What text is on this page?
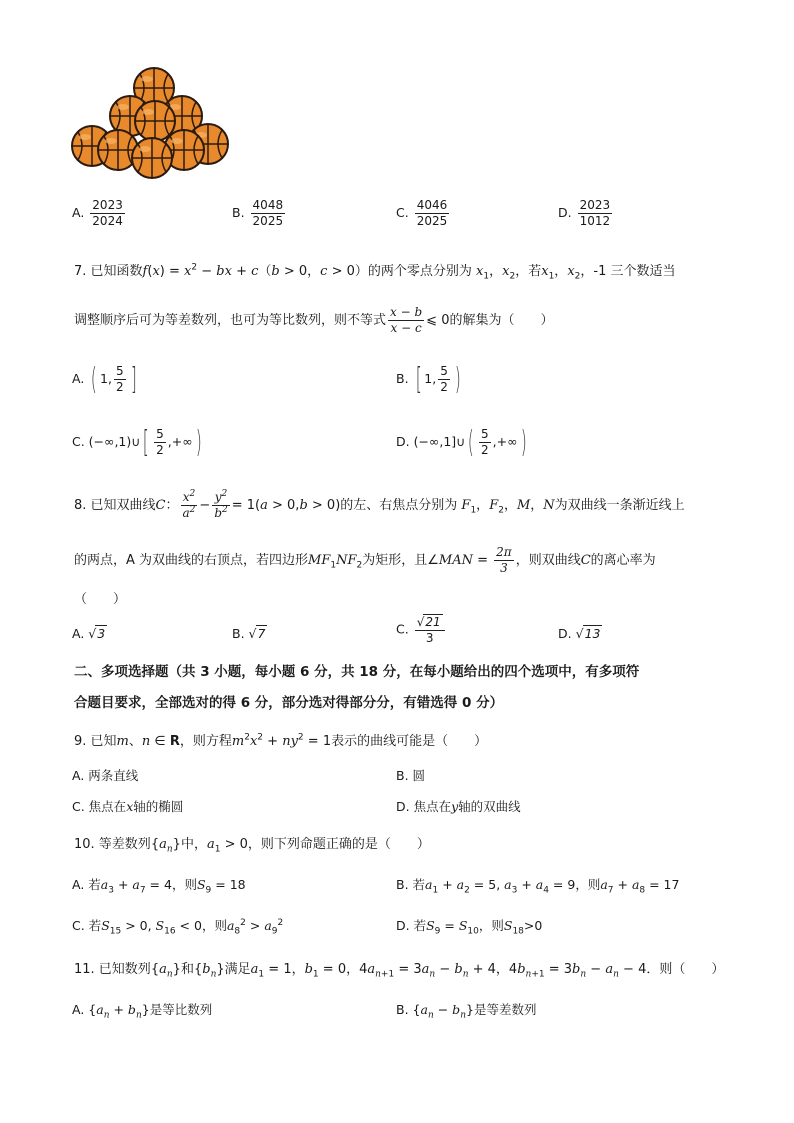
A. $\frac{2023}{2024}$	B. $\frac{4048}{2025}$	C. $\frac{4046}{2025}$	D. $\frac{2023}{1012}$
7. 已知函数$f(x) = x^2$ − bx + c（b > 0，c > 0）的两个零点分别为 $x_1$，$x_2$，若$x_1$，$x_2$，-1 三个数适当
调整顺序后可为等差数列，也可为等比数列，则不等式 $\frac{x - b}{x - c}$ ⩽ 0的解集为（　　）
A. ( 1, $\frac{5}{2}$ ]	B. [ 1, $\frac{5}{2}$ )
C. (−∞,1)∪[ $\frac{5}{2}$ ,+∞)	D. (−∞,1]∪( $\frac{5}{2}$ ,+∞)
8. 已知双曲线C： $\frac{x^2}{a^2} - \frac{y^2}{b^2} = 1(a > 0,b > 0)$的左、右焦点分别为 $F_1$，$F_2$，M，N为双曲线一条渐近线上
的两点，A 为双曲线的右顶点，若四边形$MF_1NF_2$为矩形，且∠MAN = $\frac{2\pi}{3}$ ，则双曲线C的离心率为
（　　）
A. √3	B. √7	C. $\frac{√21}{3}$	D. √13
二、多项选择题（共 3 小题，每小题 6 分，共 18 分，在每小题给出的四个选项中，有多项符
合题目要求，全部选对的得 6 分，部分选对得部分分，有错选得 0 分）
9. 已知m、n ∈ R，则方程$m^2x^2 + ny^2 = 1$表示的曲线可能是（　　）
A. 两条直线	B. 圆
C. 焦点在x轴的椭圆	D. 焦点在y轴的双曲线
10. 等差数列$\{a_n\}$中，$a_1 > 0$，则下列命题正确的是（　　）
A. 若$a_3 + a_7 = 4$，则$S_9 = 18$	B. 若$a_1 + a_2 = 5$, $a_3 + a_4 = 9$，则$a_7 + a_8 = 17$
C. 若$S_{15} > 0$, $S_{16} < 0$，则$a_8^2 > a_9^2$	D. 若$S_9 = S_{10}$，则$S_{18}>0$
11. 已知数列$\{a_n\}$和$\{b_n\}$满足$a_1 = 1$，$b_1 = 0$，$4a_{n+1} = 3a_n - b_n + 4$，$4b_{n+1} = 3b_n - a_n - 4$．则（　　）
A. $\{a_n + b_n\}$是等比数列	B. $\{a_n - b_n\}$是等差数列
